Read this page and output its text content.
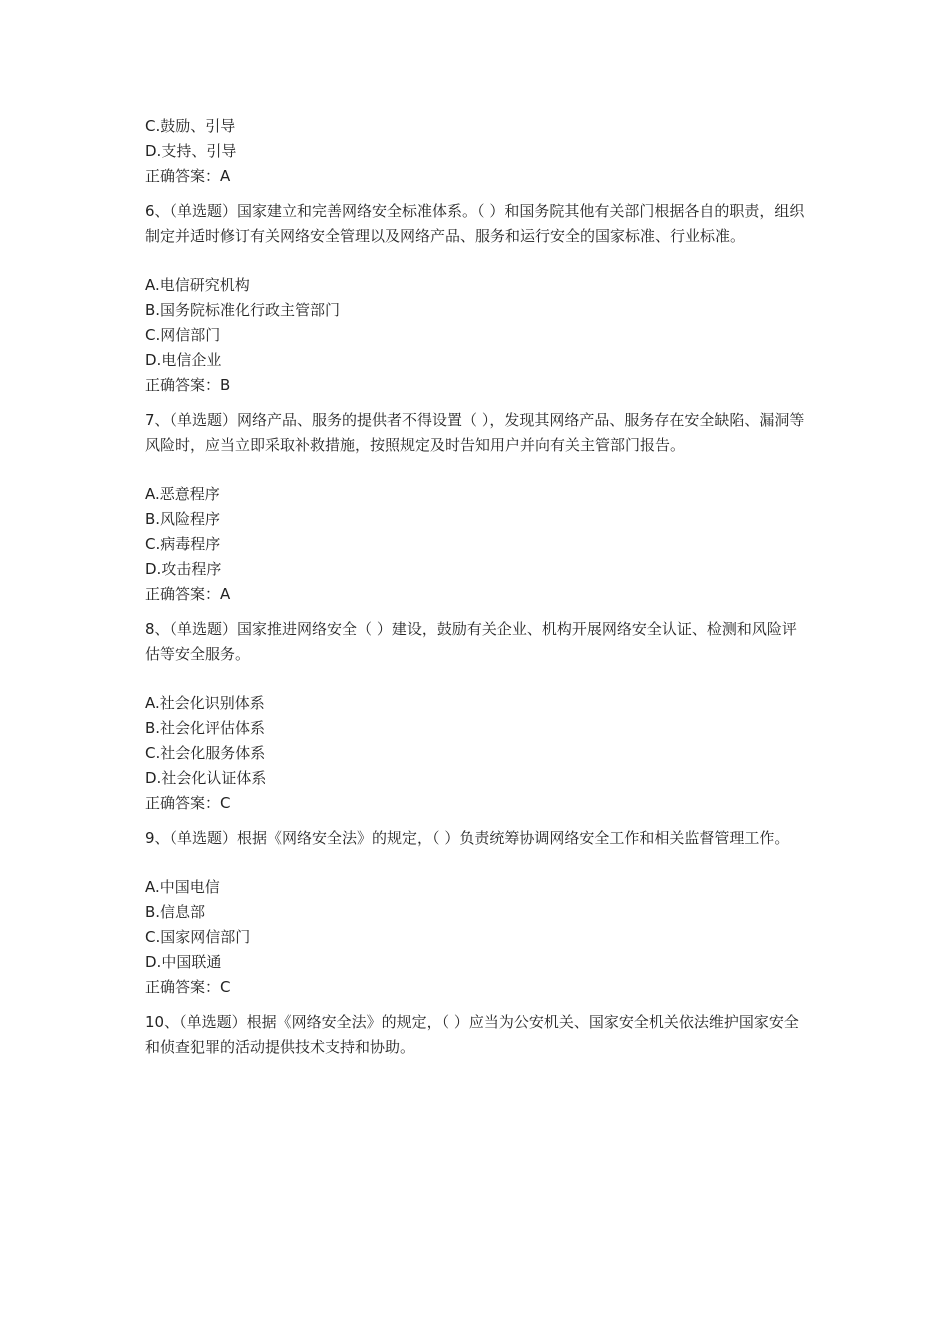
C.鼓励、引导
D.支持、引导
正确答案：A
6、（单选题）国家建立和完善网络安全标准体系。（ ）和国务院其他有关部门根据各自的职责，组织制定并适时修订有关网络安全管理以及网络产品、服务和运行安全的国家标准、行业标准。
A.电信研究机构
B.国务院标准化行政主管部门
C.网信部门
D.电信企业
正确答案：B
7、（单选题）网络产品、服务的提供者不得设置（ ），发现其网络产品、服务存在安全缺陷、漏洞等风险时，应当立即采取补救措施，按照规定及时告知用户并向有关主管部门报告。
A.恶意程序
B.风险程序
C.病毒程序
D.攻击程序
正确答案：A
8、（单选题）国家推进网络安全（ ）建设，鼓励有关企业、机构开展网络安全认证、检测和风险评估等安全服务。
A.社会化识别体系
B.社会化评估体系
C.社会化服务体系
D.社会化认证体系
正确答案：C
9、（单选题）根据《网络安全法》的规定，（ ）负责统筹协调网络安全工作和相关监督管理工作。
A.中国电信
B.信息部
C.国家网信部门
D.中国联通
正确答案：C
10、（单选题）根据《网络安全法》的规定，（ ）应当为公安机关、国家安全机关依法维护国家安全和侦查犯罪的活动提供技术支持和协助。
